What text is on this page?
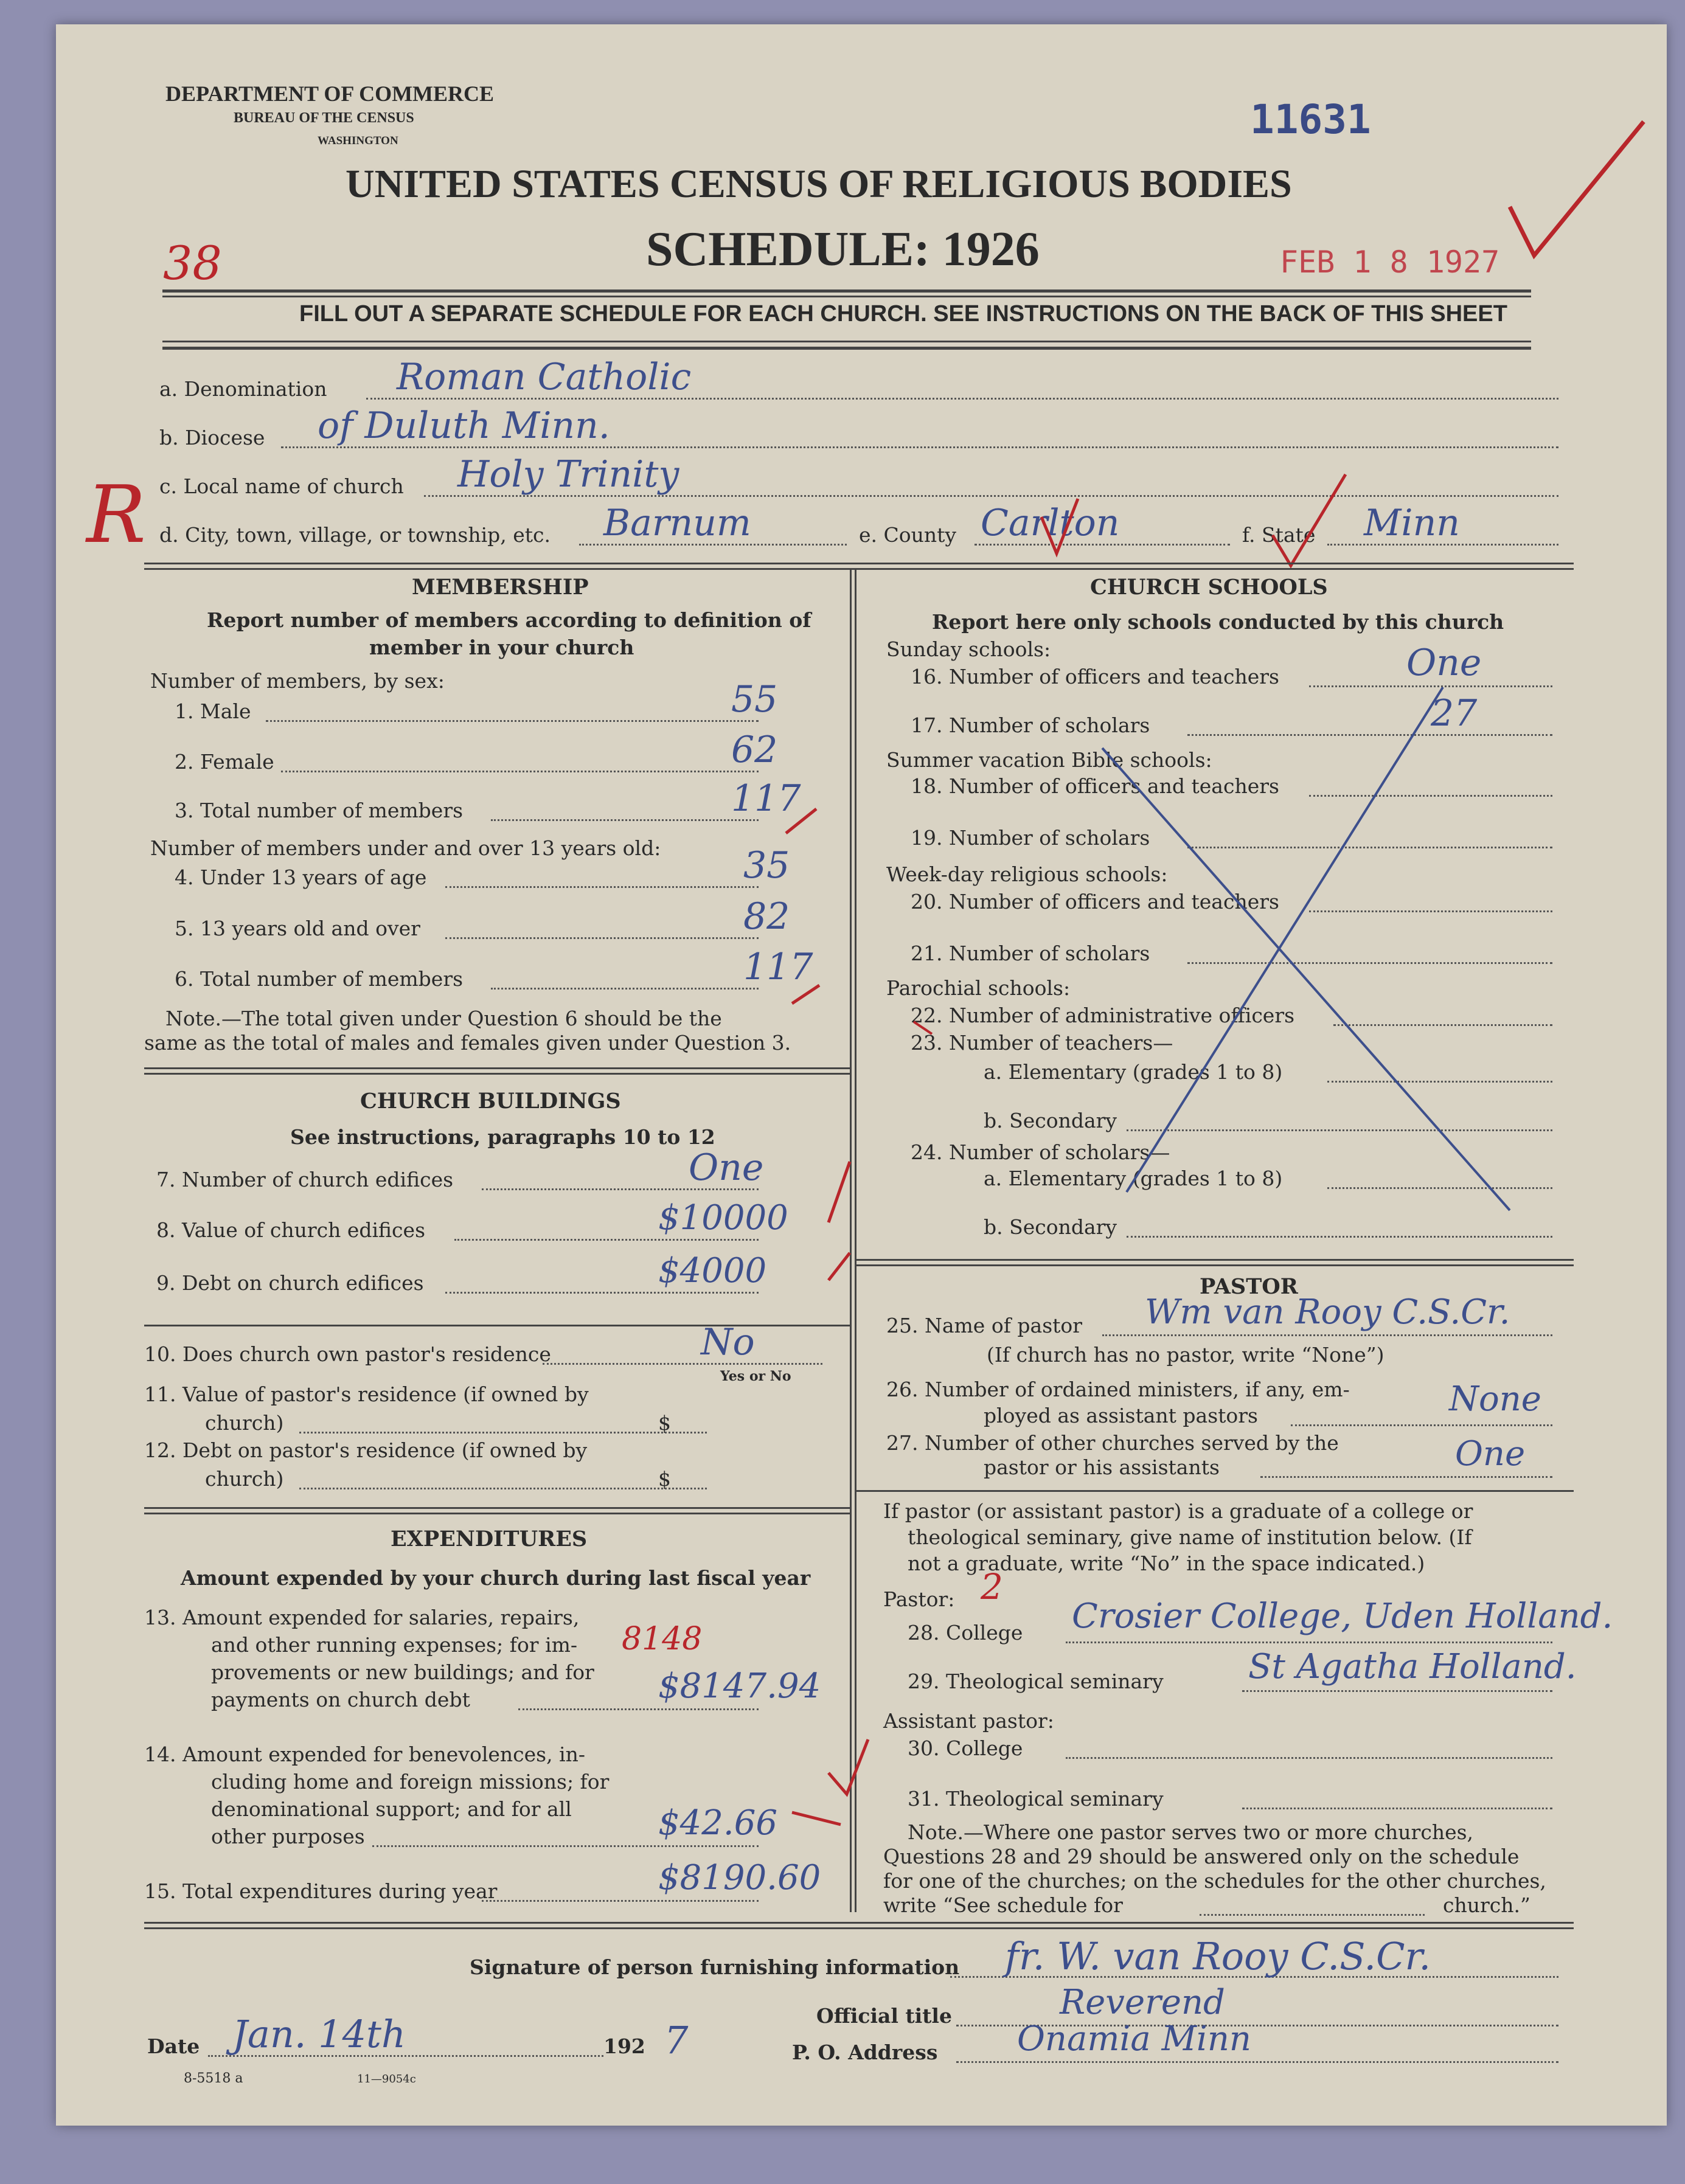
DEPARTMENT OF COMMERCE
BUREAU OF THE CENSUS
WASHINGTON	11631
UNITED STATES CENSUS OF RELIGIOUS BODIES
SCHEDULE: 1926
38	FEB 1 8 1927
FILL OUT A SEPARATE SCHEDULE FOR EACH CHURCH. SEE INSTRUCTIONS ON THE BACK OF THIS SHEET
a. Denomination Roman Catholic
b. Diocese of Duluth Minn.
c. Local name of church Holy Trinity
R d. City, town, village, or township, etc. Barnum	e. County Carlton	f. State Minn
MEMBERSHIP
Report number of members according to definition of
member in your church
Number of members, by sex:
1. Male	55
2. Female	62
3. Total number of members	117
Number of members under and over 13 years old:
4. Under 13 years of age	35
5. 13 years old and over	82
6. Total number of members	117
Note.—The total given under Question 6 should be the
same as the total of males and females given under Question 3.
CHURCH BUILDINGS
See instructions, paragraphs 10 to 12
7. Number of church edifices	One
8. Value of church edifices	$10000
9. Debt on church edifices	$4000
10. Does church own pastor's residence	No
Yes or No
11. Value of pastor's residence (if owned by
church)	$
12. Debt on pastor's residence (if owned by
church)	$
EXPENDITURES
Amount expended by your church during last fiscal year
13. Amount expended for salaries, repairs,
and other running expenses; for im-
provements or new buildings; and for
payments on church debt	$8147.94
8148
14. Amount expended for benevolences, in-
cluding home and foreign missions; for
denominational support; and for all
other purposes	$42.66
15. Total expenditures during year	$8190.60
CHURCH SCHOOLS
Report here only schools conducted by this church
Sunday schools:
16. Number of officers and teachers	One
17. Number of scholars	27
Summer vacation Bible schools:
18. Number of officers and teachers
19. Number of scholars
Week-day religious schools:
20. Number of officers and teachers
21. Number of scholars
Parochial schools:
22. Number of administrative officers
23. Number of teachers—
a. Elementary (grades 1 to 8)
b. Secondary
24. Number of scholars—
a. Elementary (grades 1 to 8)
b. Secondary
PASTOR
25. Name of pastor Wm van Rooy C.S.Cr.
(If church has no pastor, write “None”)
26. Number of ordained ministers, if any, em-
ployed as assistant pastors	None
27. Number of other churches served by the
pastor or his assistants	One
If pastor (or assistant pastor) is a graduate of a college or
theological seminary, give name of institution below. (If
not a graduate, write “No” in the space indicated.)
Pastor: 2
28. College Crosier College, Uden Holland.
29. Theological seminary St Agatha Holland.
Assistant pastor:
30. College
31. Theological seminary
Note.—Where one pastor serves two or more churches,
Questions 28 and 29 should be answered only on the schedule
for one of the churches; on the schedules for the other churches,
write “See schedule for	church.”
Signature of person furnishing information fr. W. van Rooy C.S.Cr.
Official title	Reverend
Date Jan. 14th	192 7	P. O. Address Onamia Minn
8-5518 a	11—9054c
